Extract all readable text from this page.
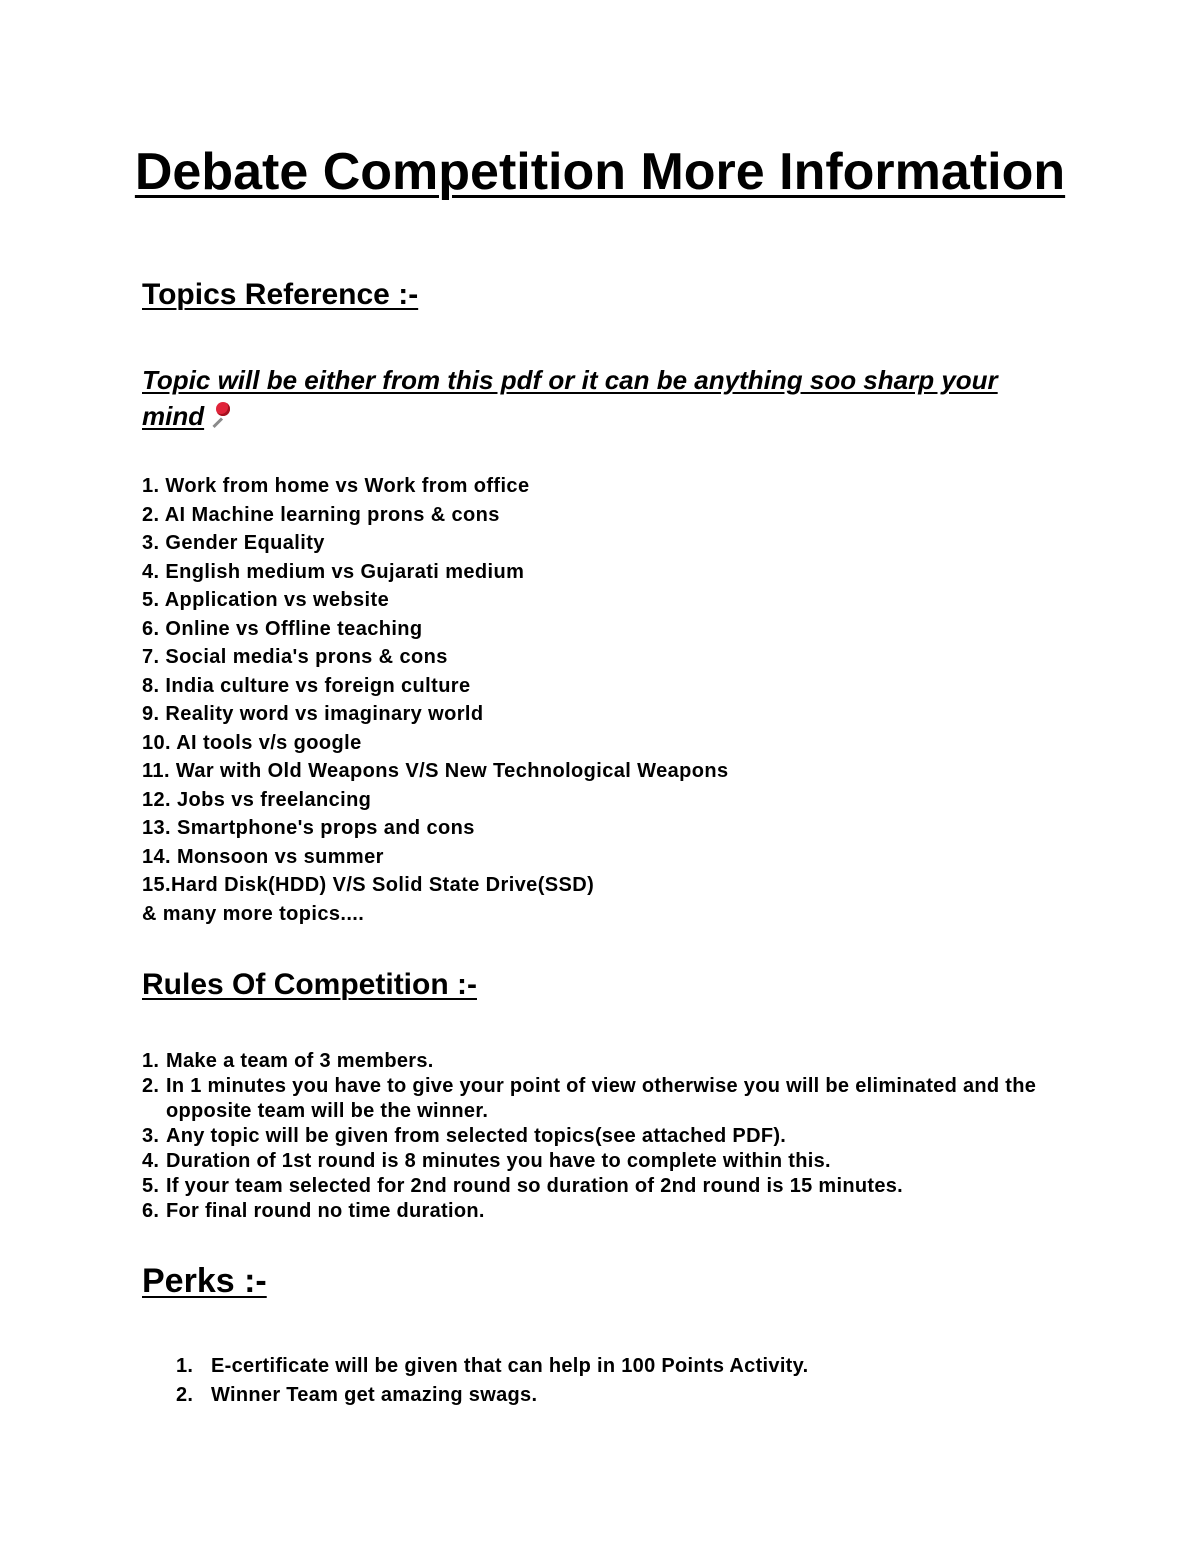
Debate Competition More Information
Topics Reference :-

Topic will be either from this pdf or it can be anything soo sharp your mind

1. Work from home vs Work from office
2. AI Machine learning prons & cons
3. Gender Equality
4. English medium vs Gujarati medium
5. Application vs website
6. Online vs Offline teaching
7. Social media's prons & cons
8. India culture vs foreign culture
9. Reality word vs imaginary world
10. AI tools v/s google
11. War with Old Weapons V/S New Technological Weapons
12. Jobs vs freelancing
13. Smartphone's props and cons
14. Monsoon vs summer
15.Hard Disk(HDD) V/S Solid State Drive(SSD)
& many more topics....
Rules Of Competition :-
1. Make a team of 3 members.
2. In 1 minutes you have to give your point of view otherwise you will be eliminated and the opposite team will be the winner.
3. Any topic will be given from selected topics(see attached PDF).
4. Duration of 1st round is 8 minutes you have to complete within this.
5. If your team selected for 2nd round so duration of 2nd round is 15 minutes.
6. For final round no time duration.
Perks :-
1. E-certificate will be given that can help in 100 Points Activity.
2. Winner Team get amazing swags.
